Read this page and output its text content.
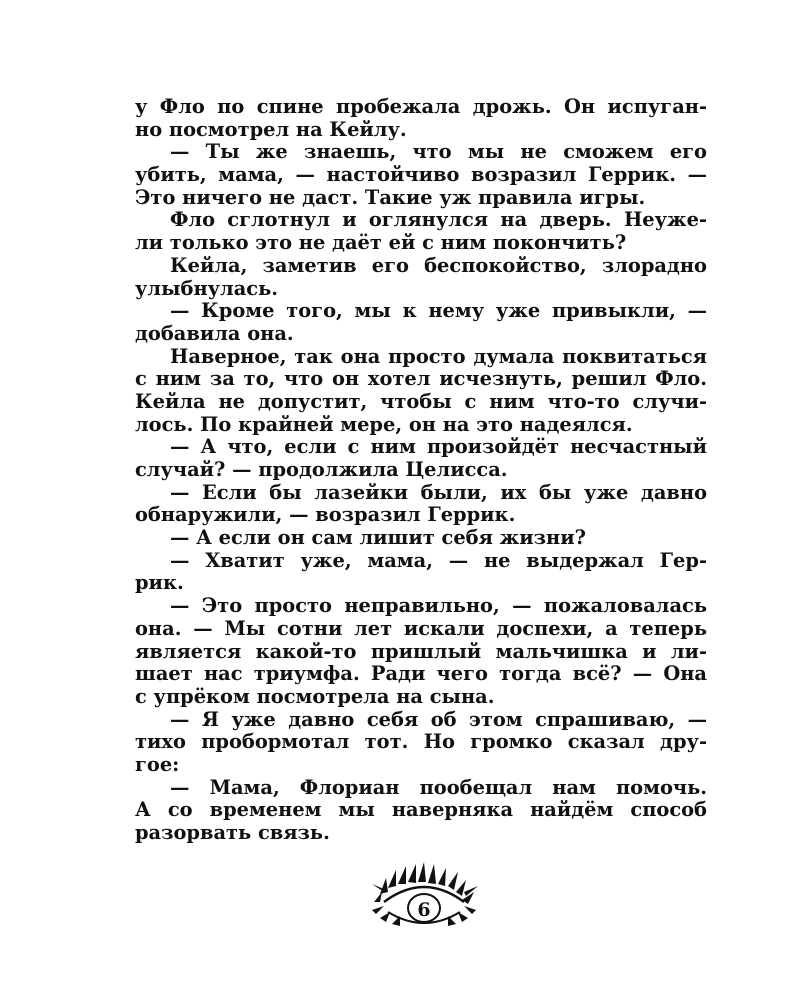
у Фло по спине пробежала дрожь. Он испуган-
но посмотрел на Кейлу.
— Ты же знаешь, что мы не сможем его
убить, мама, — настойчиво возразил Геррик. —
Это ничего не даст. Такие уж правила игры.
Фло сглотнул и оглянулся на дверь. Неуже-
ли только это не даёт ей с ним покончить?
Кейла, заметив его беспокойство, злорадно
улыбнулась.
— Кроме того, мы к нему уже привыкли, —
добавила она.
Наверное, так она просто думала поквитаться
с ним за то, что он хотел исчезнуть, решил Фло.
Кейла не допустит, чтобы с ним что-то случи-
лось. По крайней мере, он на это надеялся.
— А что, если с ним произойдёт несчастный
случай? — продолжила Целисса.
— Если бы лазейки были, их бы уже давно
обнаружили, — возразил Геррик.
— А если он сам лишит себя жизни?
— Хватит уже, мама, — не выдержал Гер-
рик.
— Это просто неправильно, — пожаловалась
она. — Мы сотни лет искали доспехи, а теперь
является какой-то пришлый мальчишка и ли-
шает нас триумфа. Ради чего тогда всё? — Она
с упрёком посмотрела на сына.
— Я уже давно себя об этом спрашиваю, —
тихо пробормотал тот. Но громко сказал дру-
гое:
— Мама, Флориан пообещал нам помочь.
А со временем мы наверняка найдём способ
разорвать связь.
6
